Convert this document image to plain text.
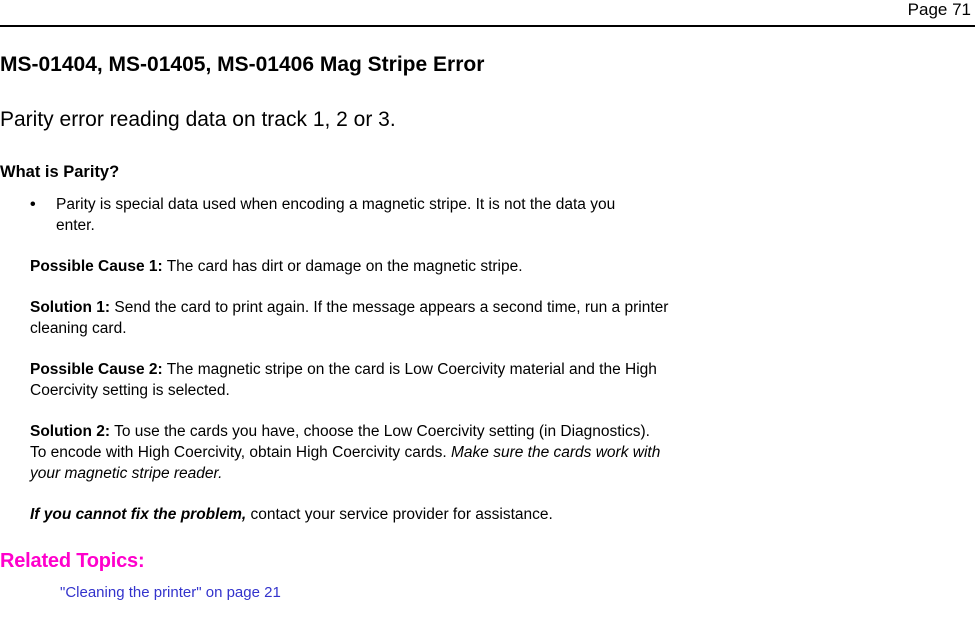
Page 71
MS-01404, MS-01405, MS-01406 Mag Stripe Error
Parity error reading data on track 1, 2 or 3.
What is Parity?
•	Parity is special data used when encoding a magnetic stripe. It is not the data you enter.

Possible Cause 1: The card has dirt or damage on the magnetic stripe.

Solution 1: Send the card to print again. If the message appears a second time, run a printer cleaning card.

Possible Cause 2: The magnetic stripe on the card is Low Coercivity material and the High Coercivity setting is selected.

Solution 2: To use the cards you have, choose the Low Coercivity setting (in Diagnostics). To encode with High Coercivity, obtain High Coercivity cards. Make sure the cards work with your magnetic stripe reader.

If you cannot fix the problem, contact your service provider for assistance.

Related Topics:
"Cleaning the printer" on page 21
